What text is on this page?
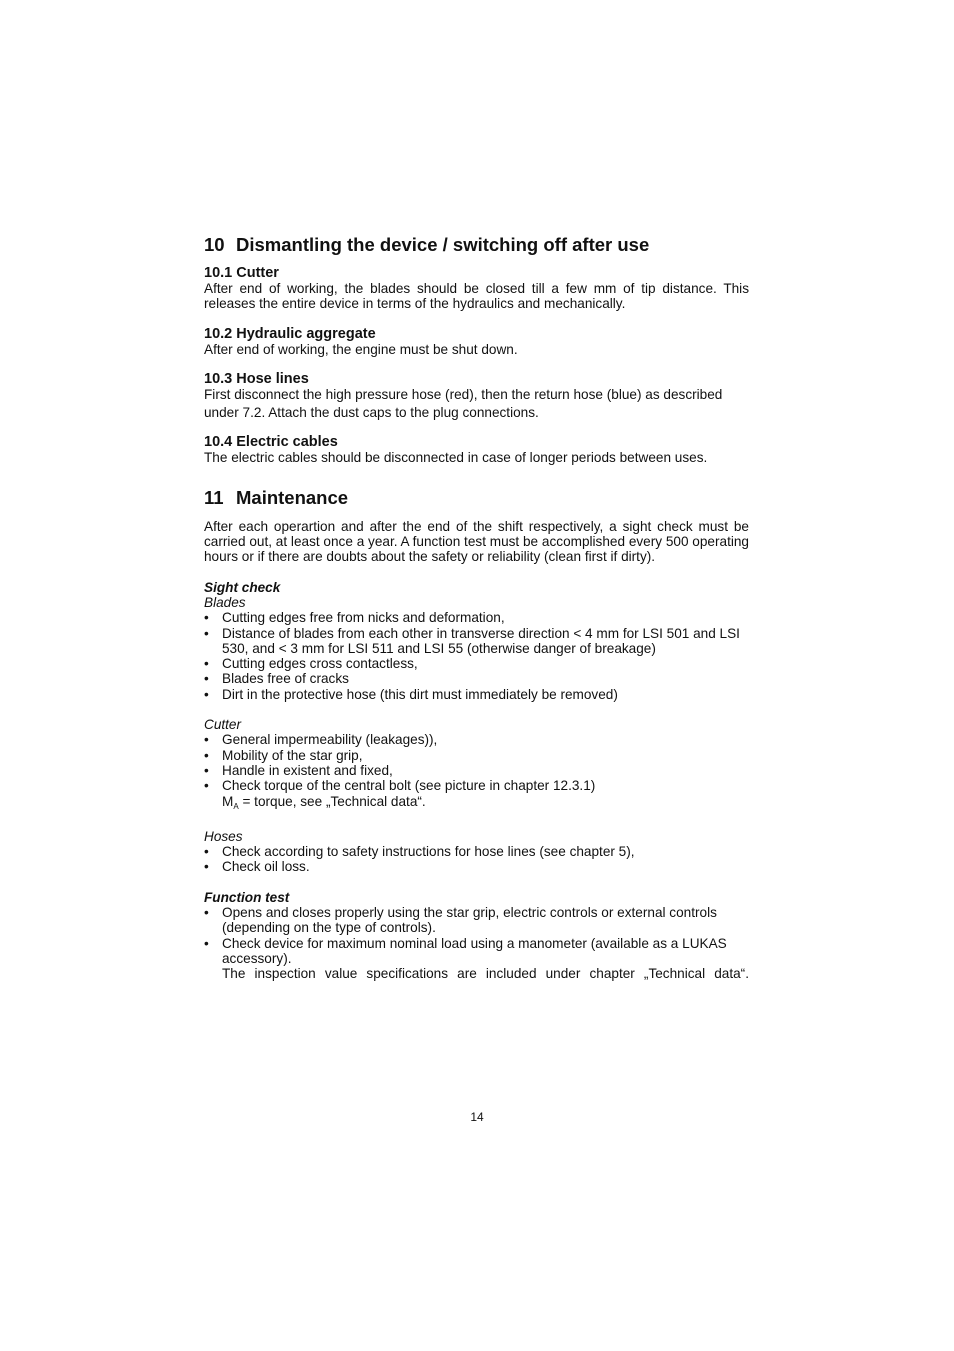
10 Dismantling the device / switching off after use
10.1 Cutter

After end of working, the blades should be closed till a few mm of tip distance. This releases the entire device in terms of the hydraulics and mechanically.

10.2 Hydraulic aggregate

After end of working, the engine must be shut down.

10.3 Hose lines

First disconnect the high pressure hose (red), then the return hose (blue) as described

under 7.2. Attach the dust caps to the plug connections.

10.4 Electric cables

The electric cables should be disconnected in case of longer periods between uses.

11 Maintenance

After each operartion and after the end of the shift respectively, a sight check must be carried out, at least once a year. A function test must be accomplished every 500 operating hours or if there are doubts about the safety or reliability (clean first if dirty).

Sight check
Blades
• Cutting edges free from nicks and deformation,
• Distance of blades from each other in transverse direction < 4 mm for LSI 501 and LSI 530, and < 3 mm for LSI 511 and LSI 55 (otherwise danger of breakage)
• Cutting edges cross contactless,
• Blades free of cracks
• Dirt in the protective hose (this dirt must immediately be removed)
Cutter
• General impermeability (leakages)),
• Mobility of the star grip,
• Handle in existent and fixed,
• Check torque of the central bolt (see picture in chapter 12.3.1)
$M_A$ = torque, see „Technical data“.
Hoses
• Check according to safety instructions for hose lines (see chapter 5),
• Check oil loss.
Function test
• Opens and closes properly using the star grip, electric controls or external controls (depending on the type of controls).
• Check device for maximum nominal load using a manometer (available as a LUKAS accessory).

The inspection value specifications are included under chapter „Technical data“.

14
